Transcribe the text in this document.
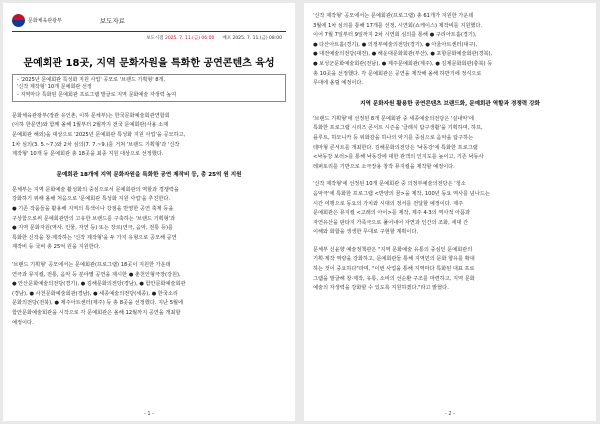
문화체육관광부	보도자료
보도시점 2025. 7. 11.(금) 06:00 배포 2025. 7. 11.(금) 08:00
문예회관 18곳, 지역 문화자원을 특화한 공연콘텐츠 육성
- '2025년 문예회관 특성화 지원 사업' 공모로 '브랜드 기획형' 8개,
'신작 제작형' 10개 문예회관 선정
- 지역마다 특화된 문예회관 프로그램 발굴로 지역 문화예술 자생력 높여
문화체육관광부(장관 유인촌, 이하 문체부)는 한국문화예술회관연합회
(이하 한문연)와 함께 올해 1월부터 2월까지 전국 문예회관(사용 소재
문예회관 해외)을 대상으로 '2025년 문예회관 특성화 지원 사업'을 공모하고,
1차 심의(3. 5.~7.)와 2차 심의(7. 7.~9.)를 거쳐 '브랜드 기획형'과 '신작
제작형' 10개 등 문예회관 총 18곳을 최종 지원 대상으로 선정했다.
문예회관 18개에 지역 문화자원을 특화한 공연 제작비 등, 총 25억 원 지원
문체부는 지역 문화예술 활성화의 중심으로서 문예회관의 역할과 경쟁력을
강화하기 위해 올해 처음으로 '문예회관 특성화 지원 사업'을 추진한다.
● 기존 작품들을 활용해 지역의 특색이나 강점을 반영한 공연 축제 등을
구상함으로써 문예회관만의 고유한 브랜드를 구축하는 '브랜드 기획형'과
● 지역 문화자원(역사, 인물, 자연 등) 또는 장르(연극, 음악, 전통 등)를
특화한 신작을 창·제작하는 '신작 제작형'을 두 가지 유형으로 공모해 공연
제작비 등 국비 총 25억 원을 지원한다.
'브랜드 기획형' 공모에서는 문예회관(프로그램) 18곳이 지원한 가운데
연극과 뮤지컬, 전통, 음악 등 분야별 공연을 제시한 ● 춘천인형극장(강원),
● 안산문화예술의전당(경기), ● 김해문화의전당(경남), ● 함안문화예술회관
(경남), ● 사천문화예술회관(경남), ● 세종예술의전당(세종), ● 한국소리
문화의전당(전북), ● 제주아트센터(제주) 등 총 8곳을 선정했다. 지난 5월에
함안문화예술회관을 시작으로 각 문예회관은 올해 12월까지 공연을 개최할
예정이다.
- 1 -
'신작 제작형' 공모에서는 문예회관(프로그램) 총 61개가 지원한 가운데
3월에 1차 심의를 통해 17개를 선정, 시연회(쇼케이스) 제작비를 지원했다.
이어 7월 7일부터 9일까지 2차 시연회 심의를 통해 ● 구리아트홀(경기),
● 다산아트홀(경기), ● 의정부예술의전당(경기), ● 아울아트센터(대구),
● 대전예술의전당(대전), ● 해운대문화회관(부산), ● 포항문화예술회관(경북),
● 보성군문화예술회관(전남), ● 제주문예회관(제주), ● 김제문화회관(충북) 등
총 10곳을 선정했다. 각 문예회관은 공연을 제작해 올해 하반기에 정식으로
무대에 올릴 예정이다.
지역 문화자원 활용한 공연콘텐츠 브랜드화, 문예회관 역할과 경쟁력 강화
'브랜드 기획형'에 선정된 8개 문예회관 중 세종예술의전당은 '실내악'에
특화한 프로그램 시리즈 콘서트 시즌을 '클래식 탐구생활'을 기획하며, 하프,
플루트, 하모니카 등 위화감을 하나의 악기를 중심으로 음악을 탐구하는
테마형 콘서트를 개최한다. 김해문화의전당은 '낙동강'에 특화한 프로그램
<낙동강 보러>를 통해 낙동강에 대한 관객의 인지도를 높이고, 기존 낙동사
레퍼토리를 기반으로 소극장용 창작 뮤지컬을 제작할 예정이다.
'신작 제작형'에 선정된 10개 문예회관 중 의정부예술의전당은 '청소
음악극'에 특화한 프로그램 <반양의 꿈>을 제작, 100년 동요 역사를 넘나드는
시간 여행으로 동요의 가치와 시대의 정서를 전달할 예정이다. 제주
문예회관은 뮤지컬 <고래의 아이>를 제작, 제주 4·3의 역사적 아픔과
자연유산을 판타지 가족극으로 풀어내어 자연과 인간의 조화, 세대 간
이해와 화합을 생생한 무대로 구현할 계획이다.
문체부 신윤향 예술정책관은 "지역 문화예술 유통의 중심인 문예회관의
기획·제작 역량을 강화하고, 문예회관들 통해 지역민의 문화 향유를 확대
하는 것이 중요하다"라며, "이번 사업을 통해 지역마다 특화된 대표 프로
그램을 발굴해 창·제작, 유통, 소비의 선순환 구조를 마련하고, 지역 문화
예술의 자생력을 강화할 수 있도록 지원하겠다."라고 밝혔다.
- 2 -
